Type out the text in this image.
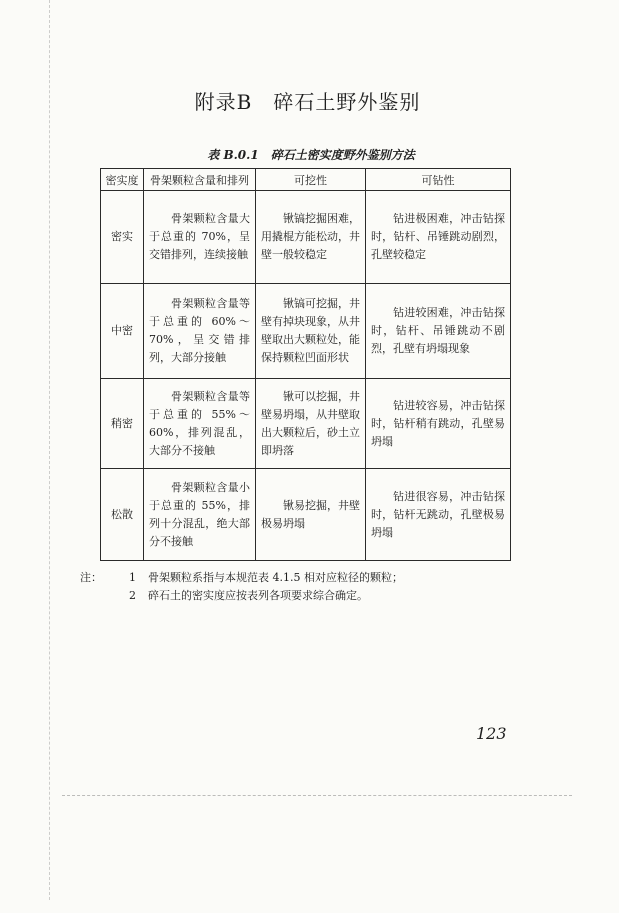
附录B　碎石土野外鉴别
表 B.0.1 碎石土密实度野外鉴别方法
密实度	骨架颗粒含量和排列	可挖性	可钻性
密实	骨架颗粒含量大于总重的 70%，呈交错排列，连续接触	锹镐挖掘困难，用撬棍方能松动，井壁一般较稳定	钻进极困难，冲击钻探时，钻杆、吊锤跳动剧烈，孔壁较稳定
中密	骨架颗粒含量等于总重的 60%～70%，呈交错排列，大部分接触	锹镐可挖掘，井壁有掉块现象，从井壁取出大颗粒处，能保持颗粒凹面形状	钻进较困难，冲击钻探时，钻杆、吊锤跳动不剧烈，孔壁有坍塌现象
稍密	骨架颗粒含量等于总重的 55%～60%，排列混乱，大部分不接触	锹可以挖掘，井壁易坍塌，从井壁取出大颗粒后，砂土立即坍落	钻进较容易，冲击钻探时，钻杆稍有跳动，孔壁易坍塌
松散	骨架颗粒含量小于总重的 55%，排列十分混乱，绝大部分不接触	锹易挖掘，井壁极易坍塌	钻进很容易，冲击钻探时，钻杆无跳动，孔壁极易坍塌
注：	1	骨架颗粒系指与本规范表 4.1.5 相对应粒径的颗粒；
2	碎石土的密实度应按表列各项要求综合确定。
123
